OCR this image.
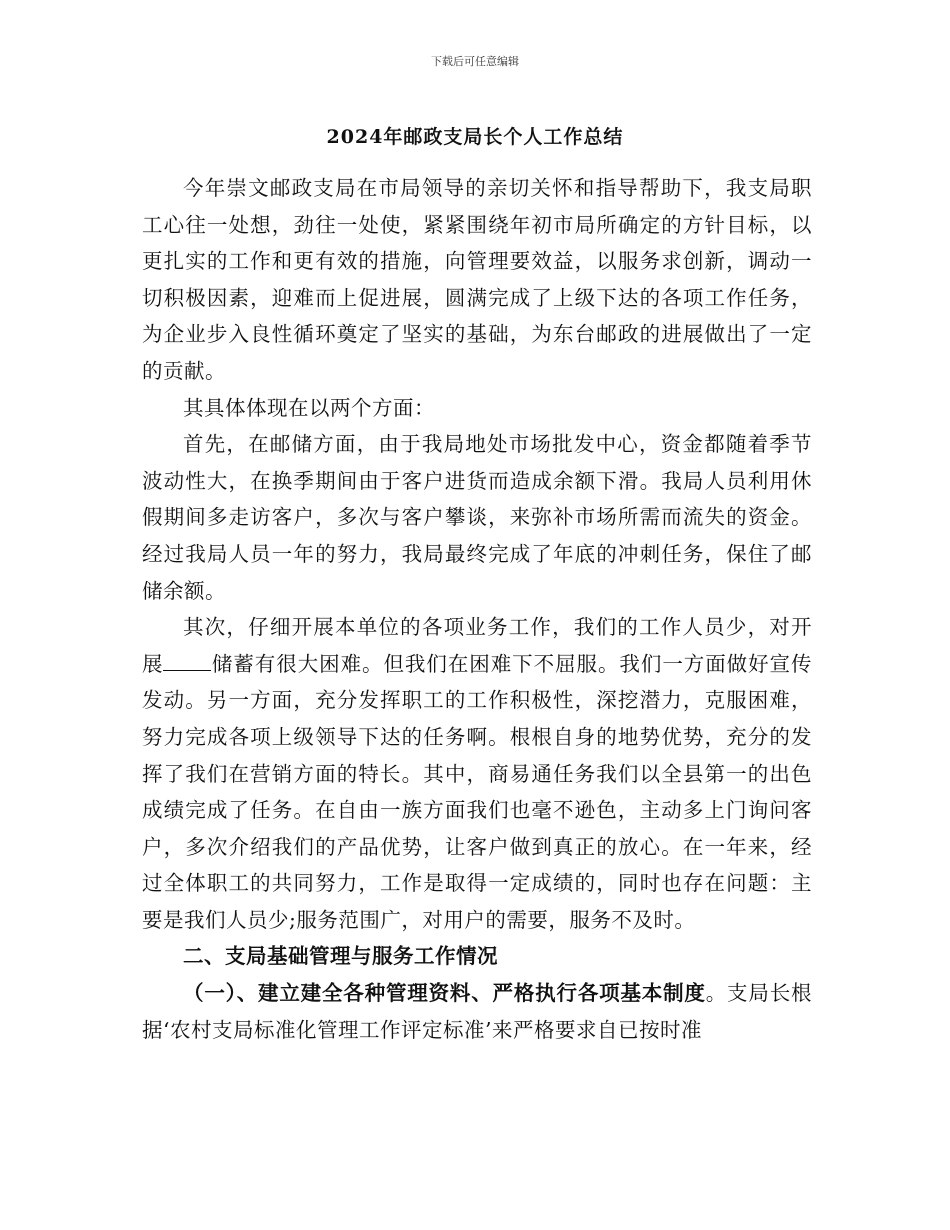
下载后可任意编辑
2024年邮政支局长个人工作总结

今年崇文邮政支局在市局领导的亲切关怀和指导帮助下，我支局职工心往一处想，劲往一处使，紧紧围绕年初市局所确定的方针目标，以更扎实的工作和更有效的措施，向管理要效益，以服务求创新，调动一切积极因素，迎难而上促进展，圆满完成了上级下达的各项工作任务，为企业步入良性循环奠定了坚实的基础，为东台邮政的进展做出了一定的贡献。

其具体体现在以两个方面：

首先，在邮储方面，由于我局地处市场批发中心，资金都随着季节波动性大，在换季期间由于客户进货而造成余额下滑。我局人员利用休假期间多走访客户，多次与客户攀谈，来弥补市场所需而流失的资金。经过我局人员一年的努力，我局最终完成了年底的冲刺任务，保住了邮储余额。

其次，仔细开展本单位的各项业务工作，我们的工作人员少，对开展 储蓄有很大困难。但我们在困难下不屈服。我们一方面做好宣传发动。另一方面，充分发挥职工的工作积极性，深挖潜力，克服困难，努力完成各项上级领导下达的任务啊。根根自身的地势优势，充分的发挥了我们在营销方面的特长。其中，商易通任务我们以全县第一的出色成绩完成了任务。在自由一族方面我们也毫不逊色，主动多上门询问客户，多次介绍我们的产品优势，让客户做到真正的放心。在一年来，经过全体职工的共同努力，工作是取得一定成绩的，同时也存在问题：主要是我们人员少;服务范围广，对用户的需要，服务不及时。

二、支局基础管理与服务工作情况

（一）、建立建全各种管理资料、严格执行各项基本制度。支局长根据‘农村支局标准化管理工作评定标准’来严格要求自已按时准
